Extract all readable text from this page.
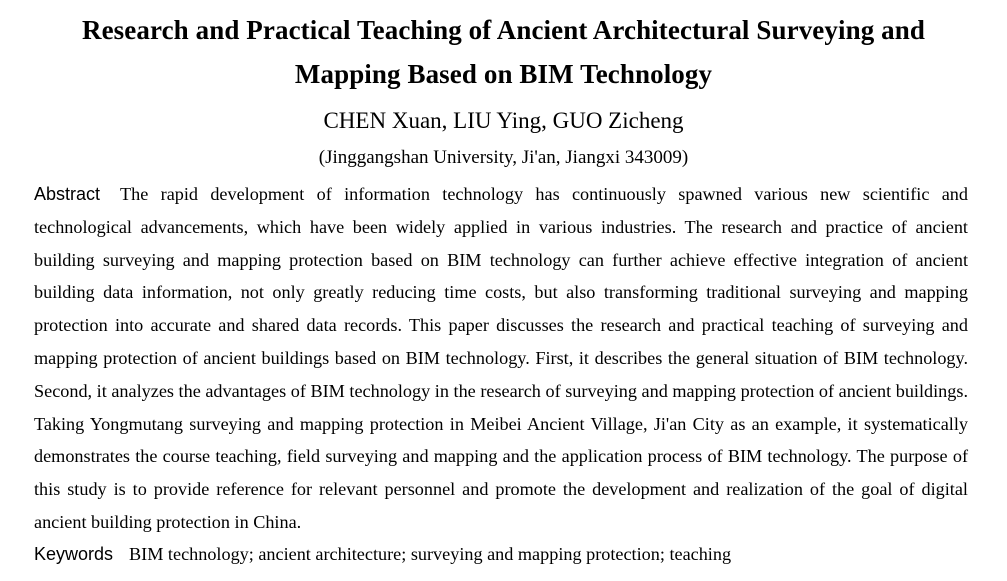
Research and Practical Teaching of Ancient Architectural Surveying and
Mapping Based on BIM Technology
CHEN Xuan, LIU Ying, GUO Zicheng
(Jinggangshan University, Ji'an, Jiangxi 343009)

Abstract The rapid development of information technology has continuously spawned various new scientific and technological advancements, which have been widely applied in various industries. The research and practice of ancient building surveying and mapping protection based on BIM technology can further achieve effective integration of ancient building data information, not only greatly reducing time costs, but also transforming traditional surveying and mapping protection into accurate and shared data records. This paper discusses the research and practical teaching of surveying and mapping protection of ancient buildings based on BIM technology. First, it describes the general situation of BIM technology. Second, it analyzes the advantages of BIM technology in the research of surveying and mapping protection of ancient buildings. Taking Yongmutang surveying and mapping protection in Meibei Ancient Village, Ji'an City as an example, it systematically demonstrates the course teaching, field surveying and mapping and the application process of BIM technology. The purpose of this study is to provide reference for relevant personnel and promote the development and realization of the goal of digital ancient building protection in China.

Keywords BIM technology; ancient architecture; surveying and mapping protection; teaching
